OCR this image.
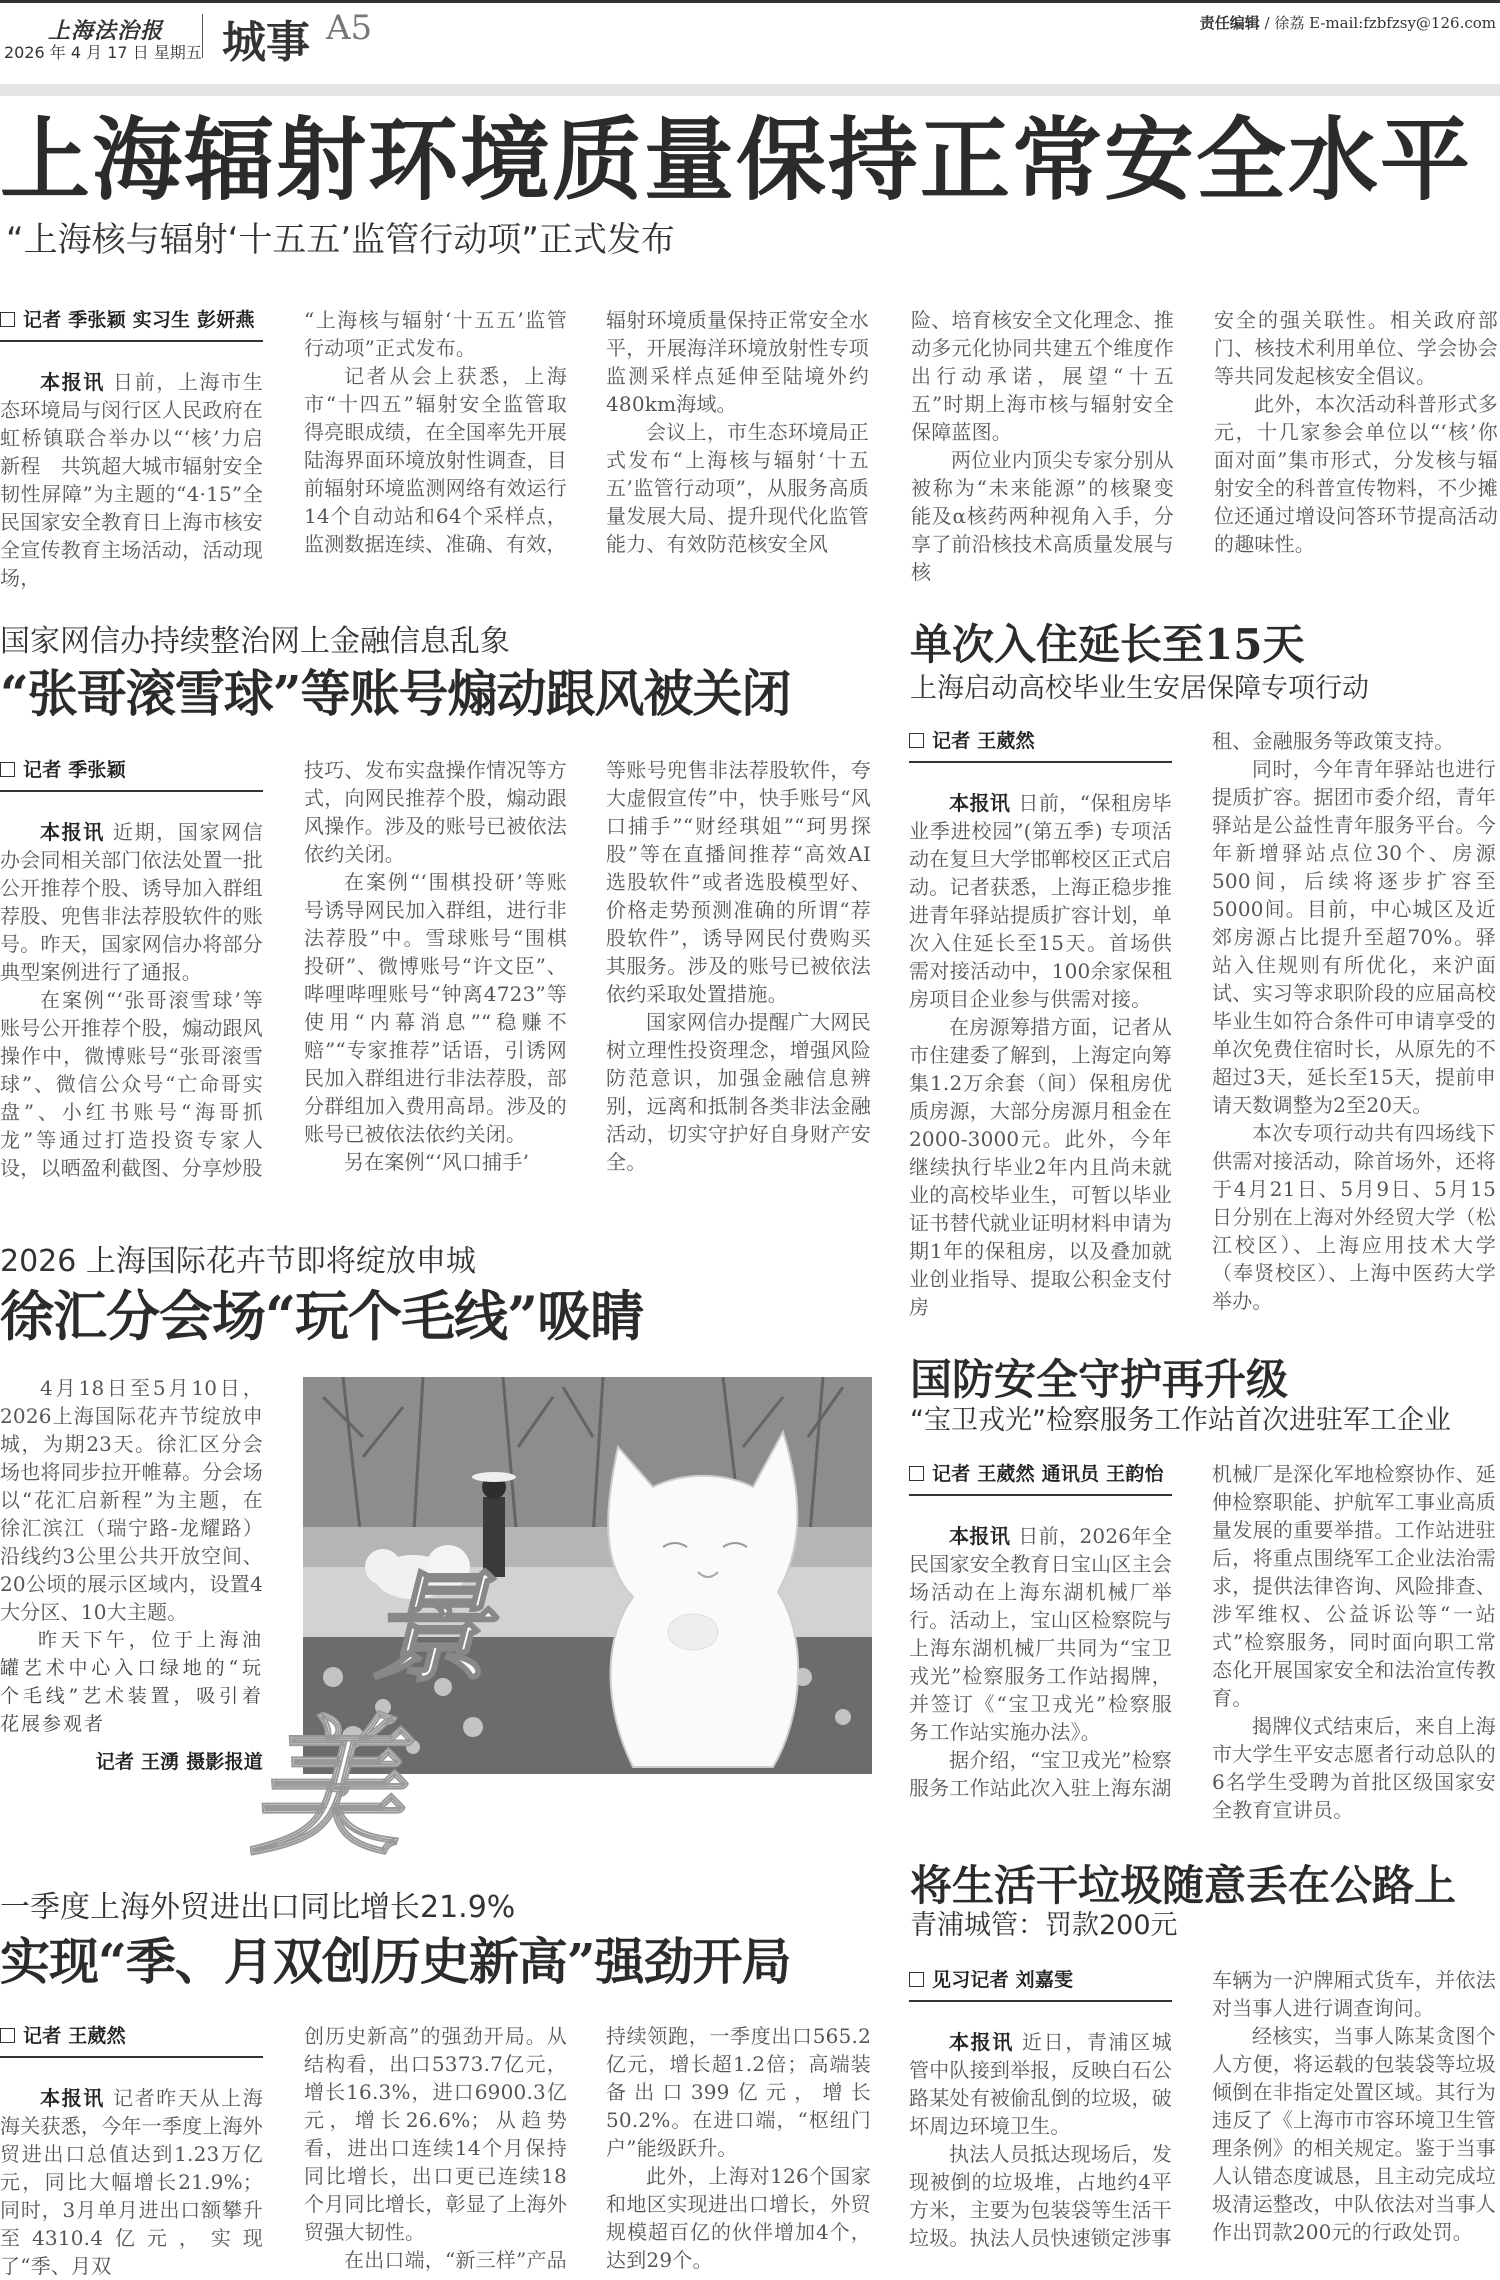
上海法治报
2026 年 4 月 17 日 星期五 城事 A5	责任编辑 / 徐荔 E-mail:fzbfzsy@126.com
上海辐射环境质量保持正常安全水平
“上海核与辐射‘十五五’监管行动项”正式发布
记者 季张颖 实习生 彭妍燕

本报讯 日前，上海市生态环境局与闵行区人民政府在虹桥镇联合举办以“‘核’力启新程　共筑超大城市辐射安全韧性屏障”为主题的“4·15”全民国家安全教育日上海市核安全宣传教育主场活动，活动现场，

“上海核与辐射‘十五五’监管行动项”正式发布。

记者从会上获悉，上海市“十四五”辐射安全监管取得亮眼成绩，在全国率先开展陆海界面环境放射性调查，目前辐射环境监测网络有效运行14个自动站和64个采样点，监测数据连续、准确、有效，

辐射环境质量保持正常安全水平，开展海洋环境放射性专项监测采样点延伸至陆境外约480km海域。

会议上，市生态环境局正式发布“上海核与辐射‘十五五’监管行动项”，从服务高质量发展大局、提升现代化监管能力、有效防范核安全风

险、培育核安全文化理念、推动多元化协同共建五个维度作出行动承诺，展望“十五五”时期上海市核与辐射安全保障蓝图。

两位业内顶尖专家分别从被称为“未来能源”的核聚变能及α核药两种视角入手，分享了前沿核技术高质量发展与核

安全的强关联性。相关政府部门、核技术利用单位、学会协会等共同发起核安全倡议。

此外，本次活动科普形式多元，十几家参会单位以“‘核’你面对面”集市形式，分发核与辐射安全的科普宣传物料，不少摊位还通过增设问答环节提高活动的趣味性。

国家网信办持续整治网上金融信息乱象
“张哥滚雪球”等账号煽动跟风被关闭
记者 季张颖

本报讯 近期，国家网信办会同相关部门依法处置一批公开推荐个股、诱导加入群组荐股、兜售非法荐股软件的账号。昨天，国家网信办将部分典型案例进行了通报。

在案例“‘张哥滚雪球’等账号公开推荐个股，煽动跟风操作中，微博账号“张哥滚雪球”、微信公众号“亡命哥实盘”、小红书账号“海哥抓龙”等通过打造投资专家人设，以晒盈利截图、分享炒股

技巧、发布实盘操作情况等方式，向网民推荐个股，煽动跟风操作。涉及的账号已被依法依约关闭。

在案例“‘围棋投研’等账号诱导网民加入群组，进行非法荐股”中。雪球账号“围棋投研”、微博账号“许文臣”、哔哩哔哩账号“钟离4723”等使用“内幕消息”“稳赚不赔”“专家推荐”话语，引诱网民加入群组进行非法荐股，部分群组加入费用高昂。涉及的账号已被依法依约关闭。

另在案例“‘风口捕手’

等账号兜售非法荐股软件，夸大虚假宣传”中，快手账号“风口捕手”“财经琪姐”“珂男探股”等在直播间推荐“高效AI选股软件”或者选股模型好、价格走势预测准确的所谓“荐股软件”，诱导网民付费购买其服务。涉及的账号已被依法依约采取处置措施。

国家网信办提醒广大网民树立理性投资理念，增强风险防范意识，加强金融信息辨别，远离和抵制各类非法金融活动，切实守护好自身财产安全。

单次入住延长至15天
上海启动高校毕业生安居保障专项行动
记者 王葳然

本报讯 日前，“保租房毕业季进校园”(第五季) 专项活动在复旦大学邯郸校区正式启动。记者获悉，上海正稳步推进青年驿站提质扩容计划，单次入住延长至15天。首场供需对接活动中，100余家保租房项目企业参与供需对接。

在房源筹措方面，记者从市住建委了解到，上海定向筹集1.2万余套（间）保租房优质房源，大部分房源月租金在2000-3000元。此外，今年继续执行毕业2年内且尚未就业的高校毕业生，可暂以毕业证书替代就业证明材料申请为期1年的保租房，以及叠加就业创业指导、提取公积金支付房

租、金融服务等政策支持。

同时，今年青年驿站也进行提质扩容。据团市委介绍，青年驿站是公益性青年服务平台。今年新增驿站点位30个、房源500间，后续将逐步扩容至5000间。目前，中心城区及近郊房源占比提升至超70%。驿站入住规则有所优化，来沪面试、实习等求职阶段的应届高校毕业生如符合条件可申请享受的单次免费住宿时长，从原先的不超过3天，延长至15天，提前申请天数调整为2至20天。

本次专项行动共有四场线下供需对接活动，除首场外，还将于4月21日、5月9日、5月15日分别在上海对外经贸大学（松江校区）、上海应用技术大学（奉贤校区）、上海中医药大学举办。

2026 上海国际花卉节即将绽放申城
徐汇分会场“玩个毛线”吸睛

4月18日至5月10日，2026上海国际花卉节绽放申城，为期23天。徐汇区分会场也将同步拉开帷幕。分会场以“花汇启新程”为主题，在徐汇滨江（瑞宁路-龙耀路）沿线约3公里公共开放空间、20公顷的展示区域内，设置4大分区、10大主题。

昨天下午，位于上海油罐艺术中心入口绿地的“玩个毛线”艺术装置，吸引着花展参观者

记者 王湧 摄影报道
景
美
国防安全守护再升级
“宝卫戎光”检察服务工作站首次进驻军工企业
记者 王葳然 通讯员 王韵怡

本报讯 日前，2026年全民国家安全教育日宝山区主会场活动在上海东湖机械厂举行。活动上，宝山区检察院与上海东湖机械厂共同为“宝卫戎光”检察服务工作站揭牌，并签订《“宝卫戎光”检察服务工作站实施办法》。

据介绍，“宝卫戎光”检察服务工作站此次入驻上海东湖

机械厂是深化军地检察协作、延伸检察职能、护航军工事业高质量发展的重要举措。工作站进驻后，将重点围绕军工企业法治需求，提供法律咨询、风险排查、涉军维权、公益诉讼等“一站式”检察服务，同时面向职工常态化开展国家安全和法治宣传教育。

揭牌仪式结束后，来自上海市大学生平安志愿者行动总队的6名学生受聘为首批区级国家安全教育宣讲员。

将生活干垃圾随意丢在公路上
青浦城管：罚款200元
见习记者 刘嘉雯

本报讯 近日，青浦区城管中队接到举报，反映白石公路某处有被偷乱倒的垃圾，破坏周边环境卫生。

执法人员抵达现场后，发现被倒的垃圾堆，占地约4平方米，主要为包装袋等生活干垃圾。执法人员快速锁定涉事

车辆为一沪牌厢式货车，并依法对当事人进行调查询问。

经核实，当事人陈某贪图个人方便，将运载的包装袋等垃圾倾倒在非指定处置区域。其行为违反了《上海市市容环境卫生管理条例》的相关规定。鉴于当事人认错态度诚恳，且主动完成垃圾清运整改，中队依法对当事人作出罚款200元的行政处罚。

一季度上海外贸进出口同比增长21.9%
实现“季、月双创历史新高”强劲开局
记者 王葳然

本报讯 记者昨天从上海海关获悉，今年一季度上海外贸进出口总值达到1.23万亿元，同比大幅增长21.9%；同时，3月单月进出口额攀升至4310.4亿元，实现了“季、月双

创历史新高”的强劲开局。从结构看，出口5373.7亿元，增长16.3%，进口6900.3亿元，增长26.6%；从趋势看，进出口连续14个月保持同比增长，出口更已连续18个月同比增长，彰显了上海外贸强大韧性。

在出口端，“新三样”产品

持续领跑，一季度出口565.2亿元，增长超1.2倍；高端装备出口399亿元，增长50.2%。在进口端，“枢纽门户”能级跃升。

此外，上海对126个国家和地区实现进出口增长，外贸规模超百亿的伙伴增加4个，达到29个。
